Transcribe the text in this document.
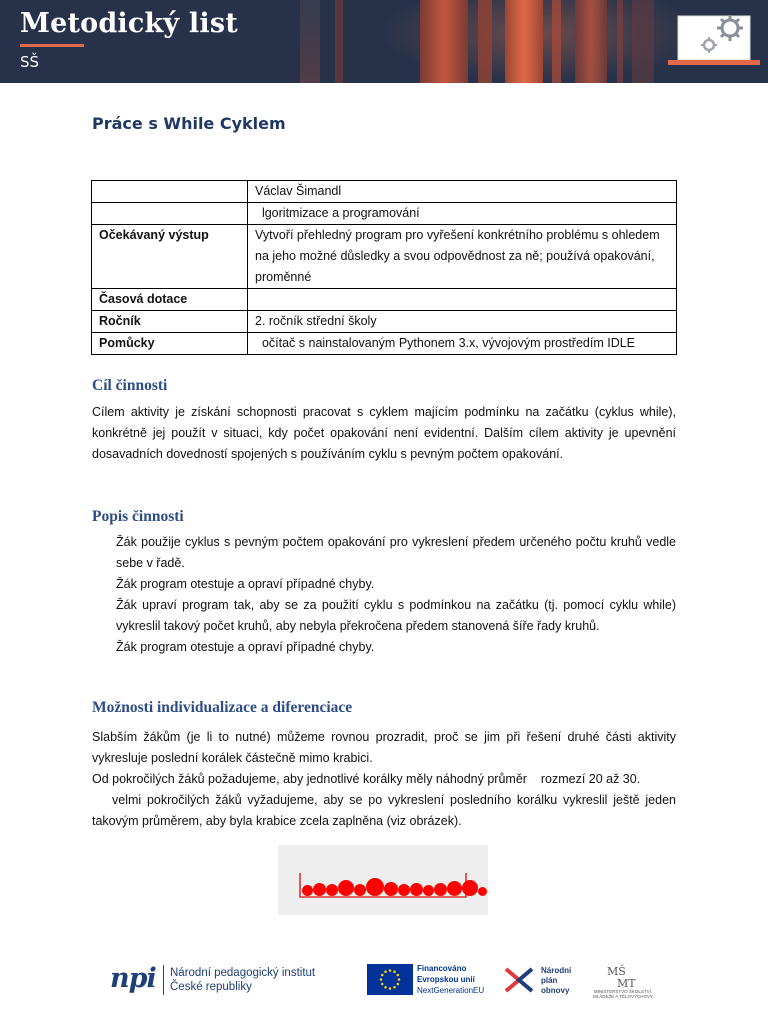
Metodický list
SŠ
Práce s While Cyklem
	Václav Šimandl
	lgoritmizace a programování
Očekávaný výstup	Vytvoří přehledný program pro vyřešení konkrétního problému s ohledem na jeho možné důsledky a svou odpovědnost za ně; používá opakování, proměnné
Časová dotace	
Ročník	2. ročník střední školy
Pomůcky	očítač s nainstalovaným Pythonem 3.x, vývojovým prostředím IDLE
Cíl činnosti

Cílem aktivity je získání schopnosti pracovat s cyklem majícím podmínku na začátku (cyklus while), konkrétně jej použít v situaci, kdy počet opakování není evidentní. Dalším cílem aktivity je upevnění dosavadních dovedností spojených s používáním cyklu s pevným počtem opakování.

Popis činnosti
Žák použije cyklus s pevným počtem opakování pro vykreslení předem určeného počtu kruhů vedle sebe v řadě.
Žák program otestuje a opraví případné chyby.
Žák upraví program tak, aby se za použití cyklu s podmínkou na začátku (tj. pomocí cyklu while) vykreslil takový počet kruhů, aby nebyla překročena předem stanovená šíře řady kruhů.
Žák program otestuje a opraví případné chyby.
Možnosti individualizace a diferenciace

Slabším žákům (je li to nutné) můžeme rovnou prozradit, proč se jim při řešení druhé části aktivity vykresluje poslední korálek částečně mimo krabici.

Od pokročilých žáků požadujeme, aby jednotlivé korálky měly náhodný průměr    rozmezí 20 až 30.

velmi pokročilých žáků vyžadujeme, aby se po vykreslení posledního korálku vykreslil ještě jeden takovým průměrem, aby byla krabice zcela zaplněna (viz obrázek).

npi Národní pedagogický institut
České republiky
Financováno
Evropskou unií
NextGenerationEU
Národní
plán
obnovy
MŠ
MT
MINISTERSTVO ŠKOLSTVÍ, MLÁDEŽE A TĚLOVÝCHOVY
